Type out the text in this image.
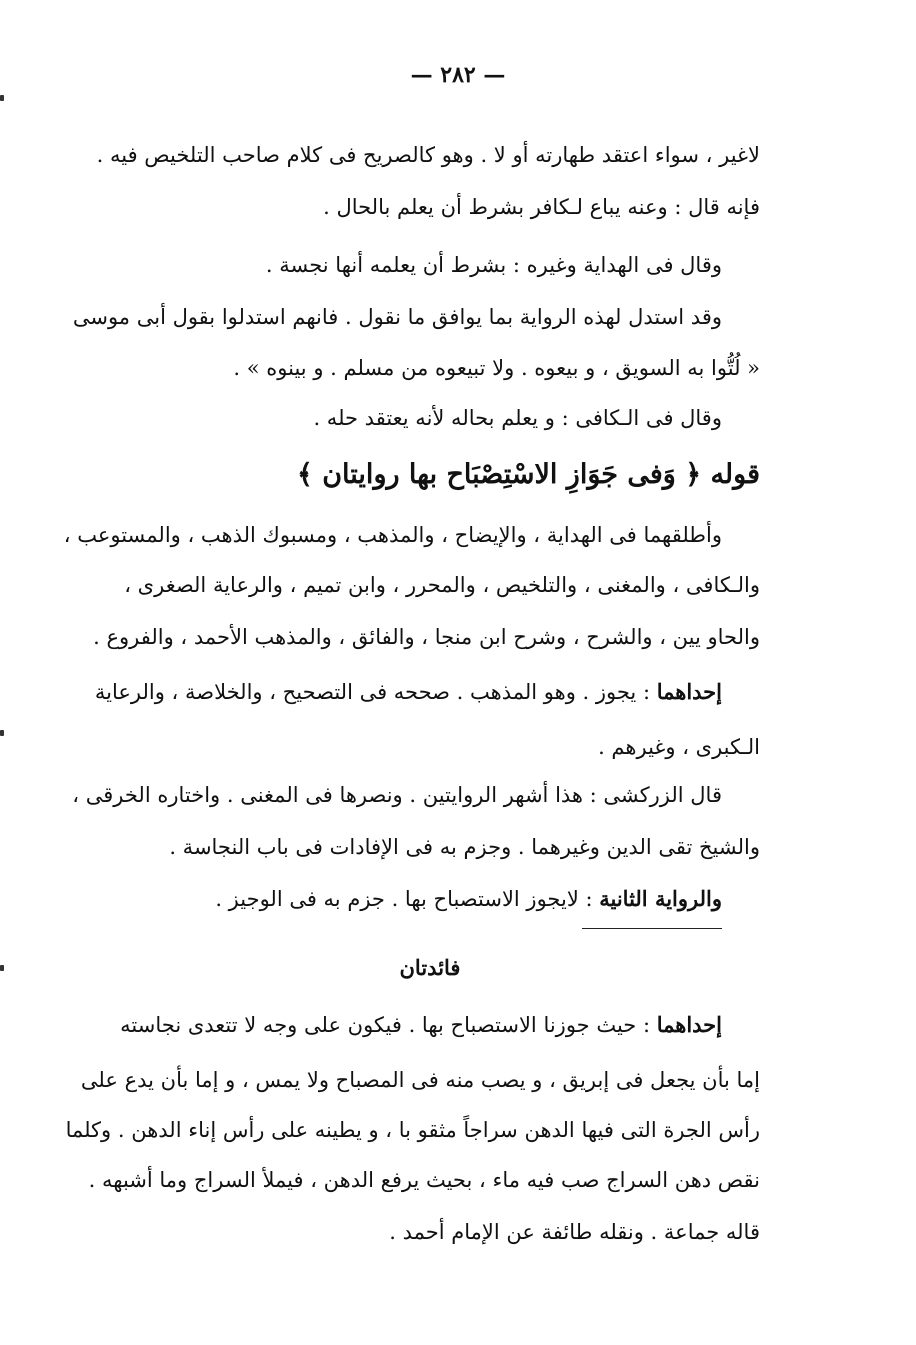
— ٢٨٢ —
لاغير ، سواء اعتقد طهارته أو لا . وهو كالصريح فى كلام صاحب التلخيص فيه .
فإنه قال : وعنه يباع لـكافر بشرط أن يعلم بالحال .
وقال فى الهداية وغيره : بشرط أن يعلمه أنها نجسة .
وقد استدل لهذه الرواية بما يوافق ما نقول . فانهم استدلوا بقول أبى موسى
« لُتُّوا به السويق ، و بيعوه . ولا تبيعوه من مسلم . و بينوه » .
وقال فى الـكافى : و يعلم بحاله لأنه يعتقد حله .
قوله ﴿ وَفى جَوَازِ الاسْتِصْبَاح بها روايتان ﴾
وأطلقهما فى الهداية ، والإيضاح ، والمذهب ، ومسبوك الذهب ، والمستوعب ،
والـكافى ، والمغنى ، والتلخيص ، والمحرر ، وابن تميم ، والرعاية الصغرى ،
والحاو يين ، والشرح ، وشرح ابن منجا ، والفائق ، والمذهب الأحمد ، والفروع .
إحداهما : يجوز . وهو المذهب . صححه فى التصحيح ، والخلاصة ، والرعاية
الـكبرى ، وغيرهم .
قال الزركشى : هذا أشهر الروايتين . ونصرها فى المغنى . واختاره الخرقى ،
والشيخ تقى الدين وغيرهما . وجزم به فى الإفادات فى باب النجاسة .
والرواية الثانية : لايجوز الاستصباح بها . جزم به فى الوجيز .
فائدتان
إحداهما : حيث جوزنا الاستصباح بها . فيكون على وجه لا تتعدى نجاسته
إما بأن يجعل فى إبريق ، و يصب منه فى المصباح ولا يمس ، و إما بأن يدع على
رأس الجرة التى فيها الدهن سراجاً مثقو با ، و يطينه على رأس إناء الدهن . وكلما
نقص دهن السراج صب فيه ماء ، بحيث يرفع الدهن ، فيملأ السراج وما أشبهه .
قاله جماعة . ونقله طائفة عن الإمام أحمد .
